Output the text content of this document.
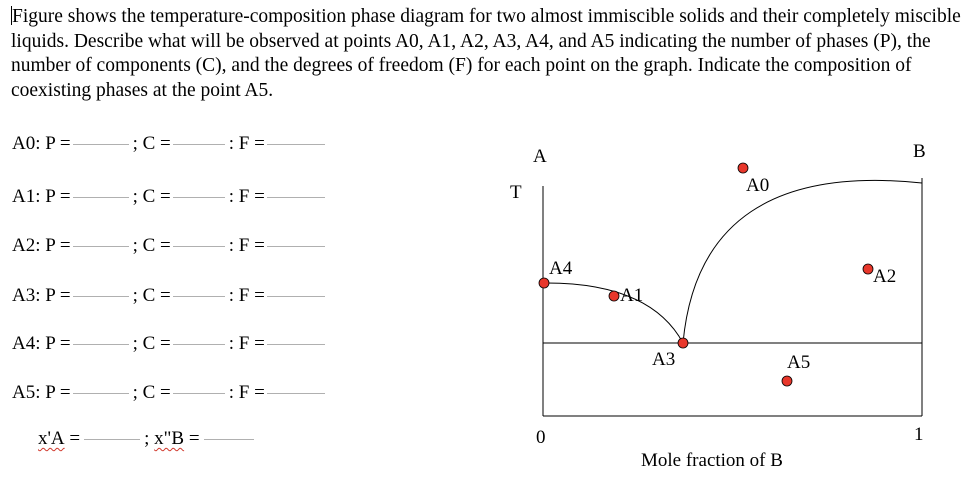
Figure shows the temperature-composition phase diagram for two almost immiscible solids and their completely miscible liquids. Describe what will be observed at points A0, A1, A2, A3, A4, and A5 indicating the number of phases (P), the number of components (C), and the degrees of freedom (F) for each point on the graph. Indicate the composition of coexisting phases at the point A5.

A0: P =	; C =	: F =
A1: P =	; C =	: F =
A2: P =	; C =	: F =
A3: P =	; C =	: F =
A4: P =	; C =	: F =
A5: P =	; C =	: F =
x'A =	; x"B =
A	B
T
0	1
Mole fraction of B
A0
A1
A2
A3
A4
A5
